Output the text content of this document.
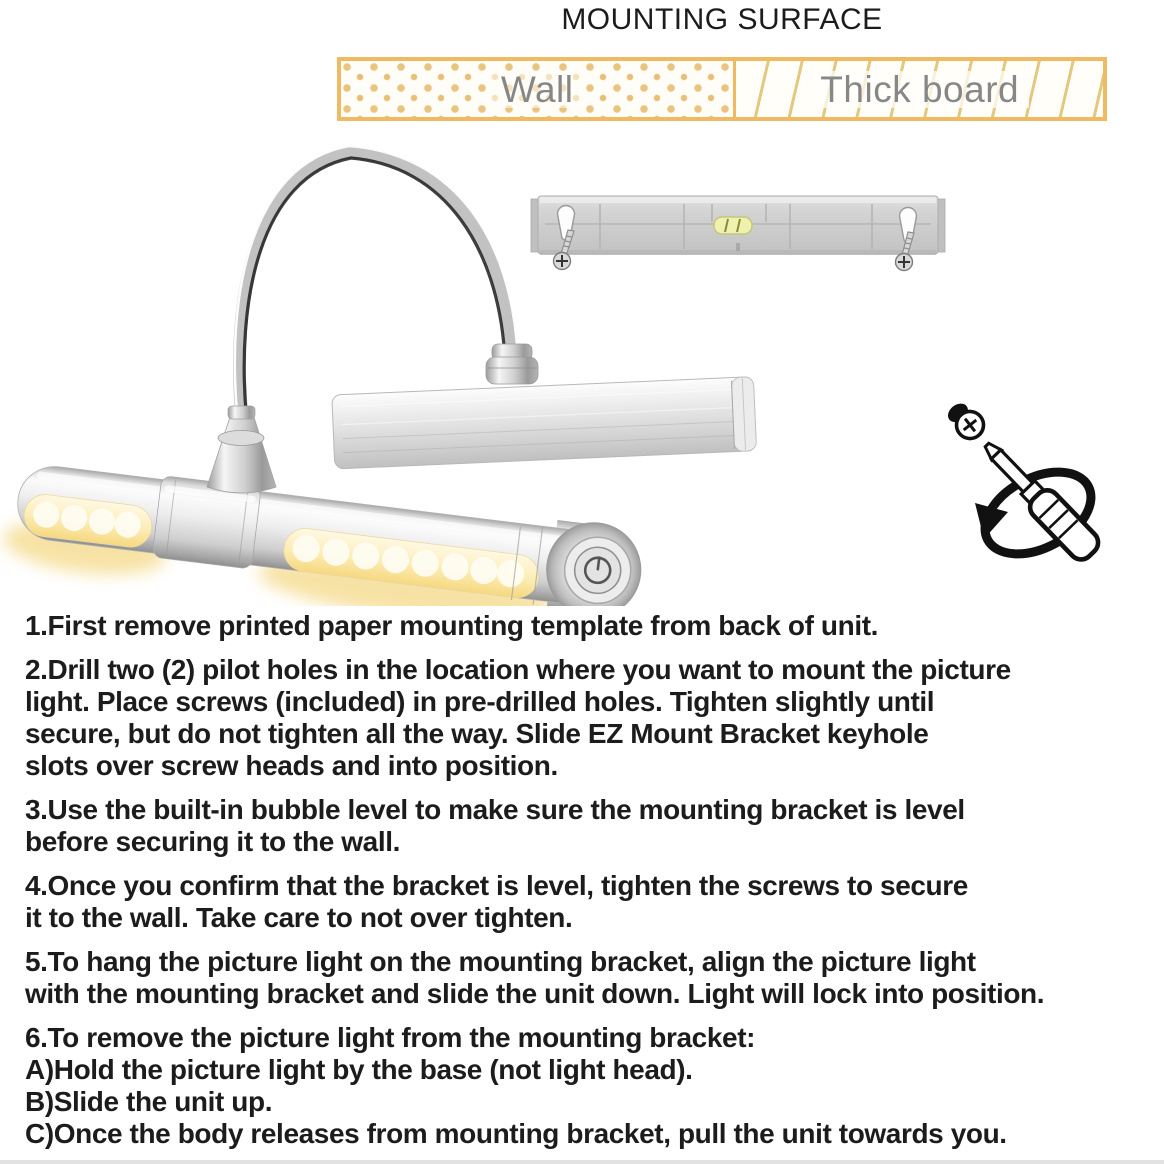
MOUNTING SURFACE
Wall	Thick board

1.First remove printed paper mounting template from back of unit.

2.Drill two (2) pilot holes in the location where you want to mount the picture
light. Place screws (included) in pre-drilled holes. Tighten slightly until
secure, but do not tighten all the way. Slide EZ Mount Bracket keyhole
slots over screw heads and into position.

3.Use the built-in bubble level to make sure the mounting bracket is level
before securing it to the wall.

4.Once you confirm that the bracket is level, tighten the screws to secure
it to the wall. Take care to not over tighten.

5.To hang the picture light on the mounting bracket, align the picture light
with the mounting bracket and slide the unit down. Light will lock into position.

6.To remove the picture light from the mounting bracket:
A)Hold the picture light by the base (not light head).
B)Slide the unit up.
C)Once the body releases from mounting bracket, pull the unit towards you.
